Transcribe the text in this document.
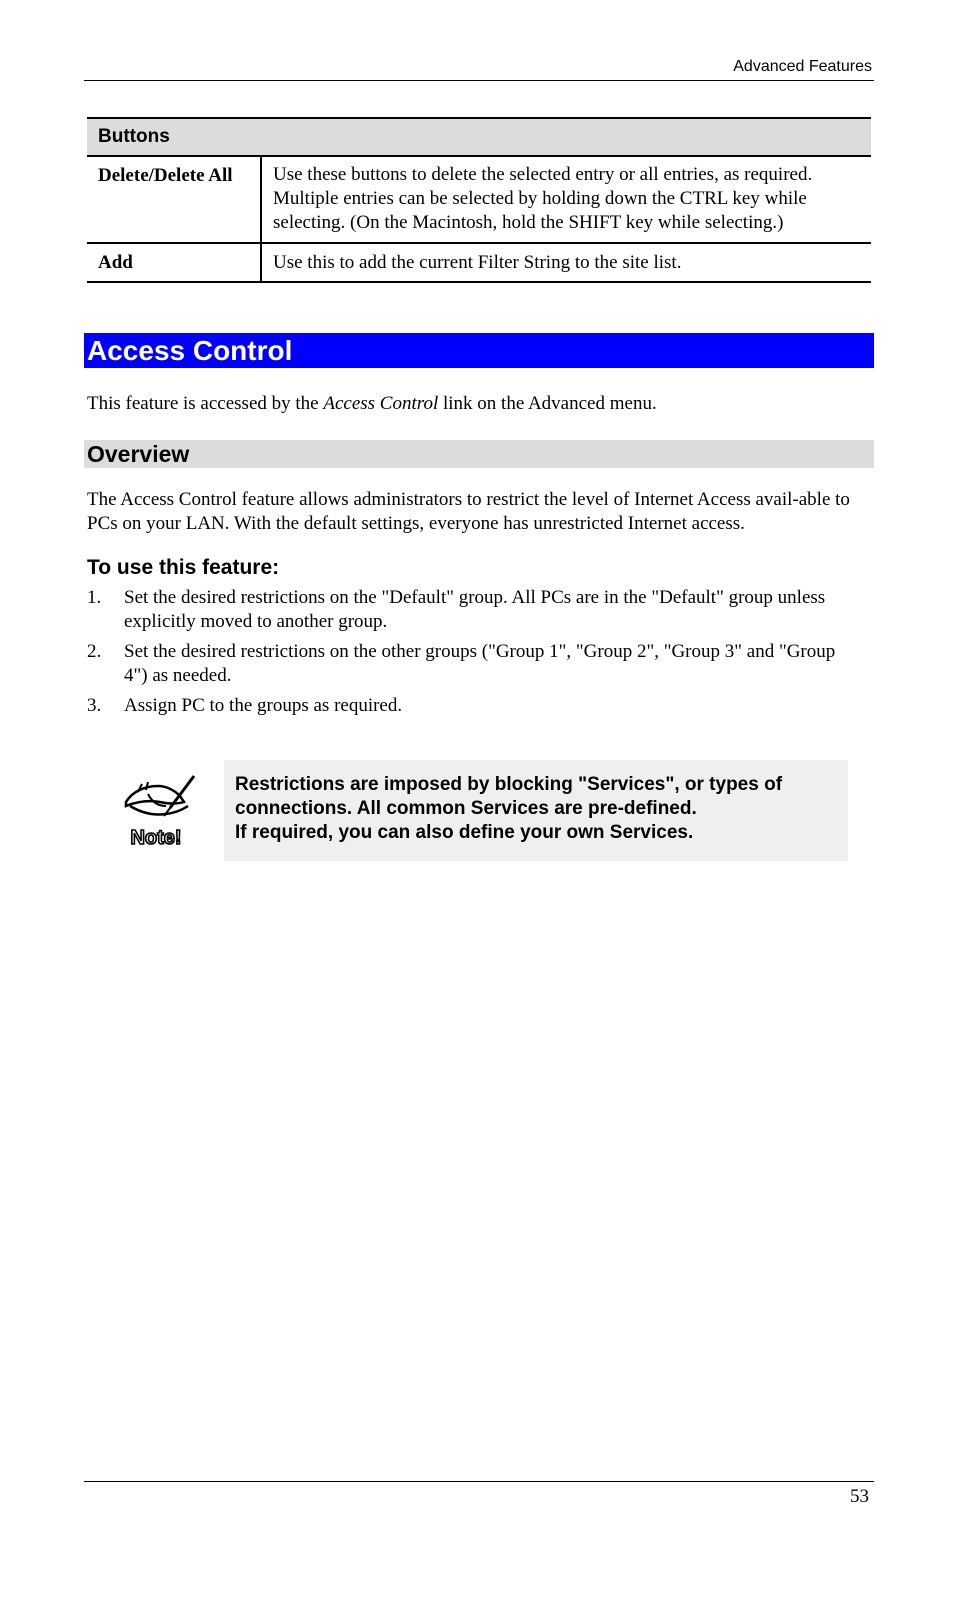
Advanced Features
Buttons	
Delete/Delete All	Use these buttons to delete the selected entry or all entries, as required. Multiple entries can be selected by holding down the CTRL key while selecting. (On the Macintosh, hold the SHIFT key while selecting.)
Add	Use this to add the current Filter String to the site list.
Access Control
This feature is accessed by the Access Control link on the Advanced menu.
Overview
The Access Control feature allows administrators to restrict the level of Internet Access avail-able to PCs on your LAN. With the default settings, everyone has unrestricted Internet access.
To use this feature:
1. Set the desired restrictions on the "Default" group. All PCs are in the "Default" group unless explicitly moved to another group.
2. Set the desired restrictions on the other groups ("Group 1", "Group 2", "Group 3" and "Group 4") as needed.
3. Assign PC to the groups as required.
Note!
Restrictions are imposed by blocking "Services", or types of connections. All common Services are pre-defined.
If required, you can also define your own Services.
53
